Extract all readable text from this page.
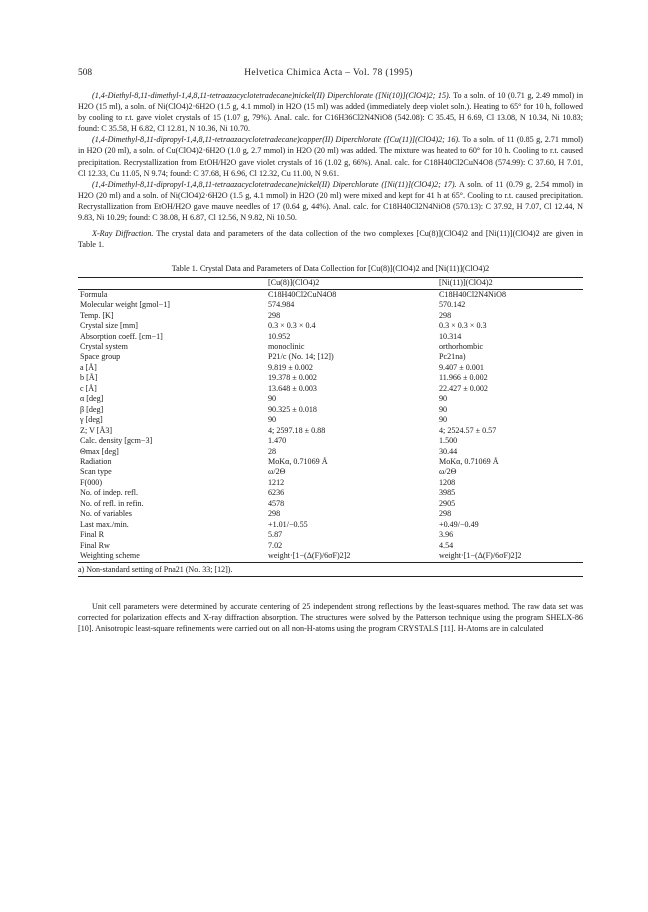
508	Helvetica Chimica Acta – Vol. 78 (1995)

(1,4-Diethyl-8,11-dimethyl-1,4,8,11-tetraazacyclotetradecane)nickel(II) Diperchlorate ([Ni(10)](ClO4)2; 15). To a soln. of 10 (0.71 g, 2.49 mmol) in H2O (15 ml), a soln. of Ni(ClO4)2·6H2O (1.5 g, 4.1 mmol) in H2O (15 ml) was added (immediately deep violet soln.). Heating to 65° for 10 h, followed by cooling to r.t. gave violet crystals of 15 (1.07 g, 79%). Anal. calc. for C16H36Cl2N4NiO8 (542.08): C 35.45, H 6.69, Cl 13.08, N 10.34, Ni 10.83; found: C 35.58, H 6.82, Cl 12.81, N 10.36, Ni 10.70.

(1,4-Dimethyl-8,11-dipropyl-1,4,8,11-tetraazacyclotetradecane)copper(II) Diperchlorate ([Cu(11)](ClO4)2; 16). To a soln. of 11 (0.85 g, 2.71 mmol) in H2O (20 ml), a soln. of Cu(ClO4)2·6H2O (1.0 g, 2.7 mmol) in H2O (20 ml) was added. The mixture was heated to 60° for 10 h. Cooling to r.t. caused precipitation. Recrystallization from EtOH/H2O gave violet crystals of 16 (1.02 g, 66%). Anal. calc. for C18H40Cl2CuN4O8 (574.99): C 37.60, H 7.01, Cl 12.33, Cu 11.05, N 9.74; found: C 37.68, H 6.96, Cl 12.32, Cu 11.00, N 9.61.

(1,4-Dimethyl-8,11-dipropyl-1,4,8,11-tetraazacyclotetradecane)nickel(II) Diperchlorate ([Ni(11)](ClO4)2; 17). A soln. of 11 (0.79 g, 2.54 mmol) in H2O (20 ml) and a soln. of Ni(ClO4)2·6H2O (1.5 g, 4.1 mmol) in H2O (20 ml) were mixed and kept for 41 h at 65°. Cooling to r.t. caused precipitation. Recrystallization from EtOH/H2O gave mauve needles of 17 (0.64 g, 44%). Anal. calc. for C18H40Cl2N4NiO8 (570.13): C 37.92, H 7.07, Cl 12.44, N 9.83, Ni 10.29; found: C 38.08, H 6.87, Cl 12.56, N 9.82, Ni 10.50.

X-Ray Diffraction. The crystal data and parameters of the data collection of the two complexes [Cu(8)](ClO4)2 and [Ni(11)](ClO4)2 are given in Table 1.

Table 1. Crystal Data and Parameters of Data Collection for [Cu(8)](ClO4)2 and [Ni(11)](ClO4)2
	[Cu(8)](ClO4)2	[Ni(11)](ClO4)2
Formula	C18H40Cl2CuN4O8	C18H40Cl2N4NiO8
Molecular weight [gmol−1]	574.984	570.142
Temp. [K]	298	298
Crystal size [mm]	0.3 × 0.3 × 0.4	0.3 × 0.3 × 0.3
Absorption coeff. [cm−1]	10.952	10.314
Crystal system	monoclinic	orthorhombic
Space group	P21/c (No. 14; [12])	Pc21na)
a [Å]	9.819 ± 0.002	9.407 ± 0.001
b [Å]	19.378 ± 0.002	11.966 ± 0.002
c [Å]	13.648 ± 0.003	22.427 ± 0.002
α [deg]	90	90
β [deg]	90.325 ± 0.018	90
γ [deg]	90	90
Z; V [Å3]	4; 2597.18 ± 0.88	4; 2524.57 ± 0.57
Calc. density [gcm−3]	1.470	1.500
Θmax [deg]	28	30.44
Radiation	MoKα, 0.71069 Å	MoKα, 0.71069 Å
Scan type	ω/2Θ	ω/2Θ
F(000)	1212	1208
No. of indep. refl.	6236	3985
No. of refl. in refin.	4578	2905
No. of variables	298	298
Last max./min.	+1.01/−0.55	+0.49/−0.49
Final R	5.87	3.96
Final Rw	7.02	4.54
Weighting scheme	weight·[1−(Δ(F)/6σF)2]2	weight·[1−(Δ(F)/6σF)2]2
a) Non-standard setting of Pna21 (No. 33; [12]).

Unit cell parameters were determined by accurate centering of 25 independent strong reflections by the least-squares method. The raw data set was corrected for polarization effects and X-ray diffraction absorption. The structures were solved by the Patterson technique using the program SHELX-86 [10]. Anisotropic least-square refinements were carried out on all non-H-atoms using the program CRYSTALS [11]. H-Atoms are in calculated
